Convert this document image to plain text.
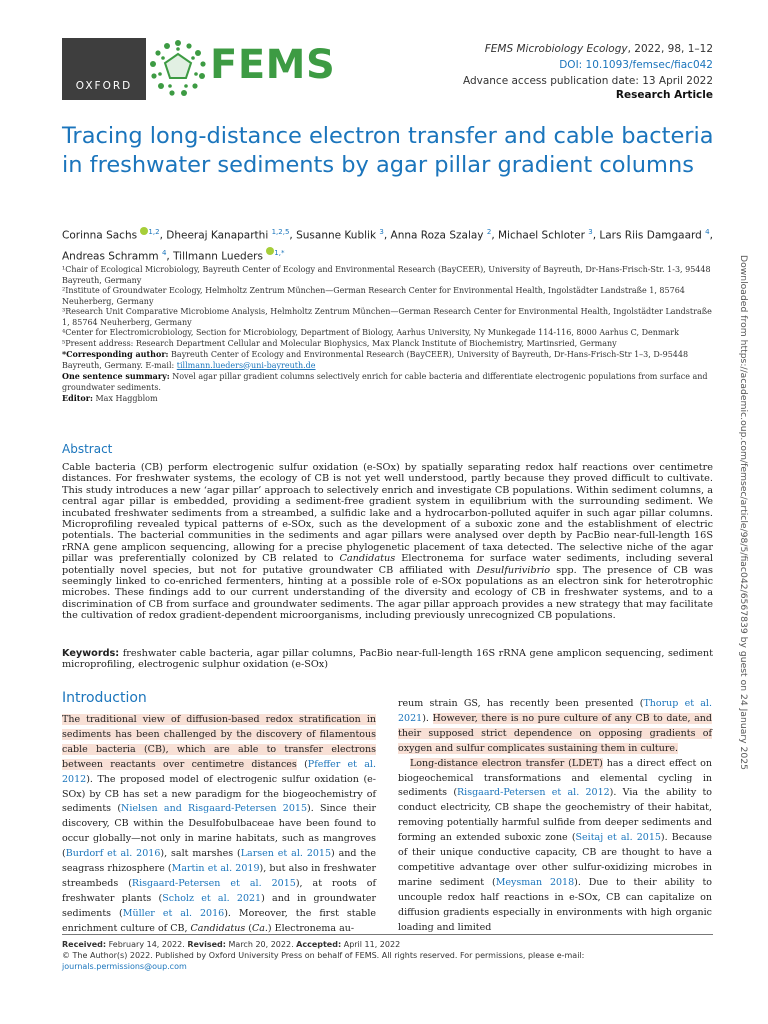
OXFORD	FEMS	FEMS Microbiology Ecology, 2022, 98, 1–12
DOI: 10.1093/femsec/fiac042
Advance access publication date: 13 April 2022
Research Article
Tracing long-distance electron transfer and cable bacteria in freshwater sediments by agar pillar gradient columns
Corinna Sachs $^{1,2}$, Dheeraj Kanaparthi $^{1,2,5}$, Susanne Kublik $^3$, Anna Roza Szalay $^2$, Michael Schloter $^3$, Lars Riis Damgaard $^4$, Andreas Schramm $^4$, Tillmann Lueders $^{1,*}$

¹Chair of Ecological Microbiology, Bayreuth Center of Ecology and Environmental Research (BayCEER), University of Bayreuth, Dr-Hans-Frisch-Str. 1-3, 95448 Bayreuth, Germany

²Institute of Groundwater Ecology, Helmholtz Zentrum München—German Research Center for Environmental Health, Ingolstädter Landstraße 1, 85764 Neuherberg, Germany

³Research Unit Comparative Microbiome Analysis, Helmholtz Zentrum München—German Research Center for Environmental Health, Ingolstädter Landstraße 1, 85764 Neuherberg, Germany

⁴Center for Electromicrobiology, Section for Microbiology, Department of Biology, Aarhus University, Ny Munkegade 114-116, 8000 Aarhus C, Denmark

⁵Present address: Research Department Cellular and Molecular Biophysics, Max Planck Institute of Biochemistry, Martinsried, Germany

*Corresponding author: Bayreuth Center of Ecology and Environmental Research (BayCEER), University of Bayreuth, Dr-Hans-Frisch-Str 1–3, D-95448 Bayreuth, Germany. E-mail: tillmann.lueders@uni-bayreuth.de

One sentence summary: Novel agar pillar gradient columns selectively enrich for cable bacteria and differentiate electrogenic populations from surface and groundwater sediments.

Editor: Max Haggblom

Abstract
Cable bacteria (CB) perform electrogenic sulfur oxidation (e-SOx) by spatially separating redox half reactions over centimetre distances. For freshwater systems, the ecology of CB is not yet well understood, partly because they proved difficult to cultivate. This study introduces a new ‘agar pillar’ approach to selectively enrich and investigate CB populations. Within sediment columns, a central agar pillar is embedded, providing a sediment-free gradient system in equilibrium with the surrounding sediment. We incubated freshwater sediments from a streambed, a sulfidic lake and a hydrocarbon-polluted aquifer in such agar pillar columns. Microprofiling revealed typical patterns of e-SOx, such as the development of a suboxic zone and the establishment of electric potentials. The bacterial communities in the sediments and agar pillars were analysed over depth by PacBio near-full-length 16S rRNA gene amplicon sequencing, allowing for a precise phylogenetic placement of taxa detected. The selective niche of the agar pillar was preferentially colonized by CB related to Candidatus Electronema for surface water sediments, including several potentially novel species, but not for putative groundwater CB affiliated with Desulfurivibrio spp. The presence of CB was seemingly linked to co-enriched fermenters, hinting at a possible role of e-SOx populations as an electron sink for heterotrophic microbes. These findings add to our current understanding of the diversity and ecology of CB in freshwater systems, and to a discrimination of CB from surface and groundwater sediments. The agar pillar approach provides a new strategy that may facilitate the cultivation of redox gradient-dependent microorganisms, including previously unrecognized CB populations.
Keywords: freshwater cable bacteria, agar pillar columns, PacBio near-full-length 16S rRNA gene amplicon sequencing, sediment microprofiling, electrogenic sulphur oxidation (e-SOx)
Introduction

The traditional view of diffusion-based redox stratification in sediments has been challenged by the discovery of filamentous cable bacteria (CB), which are able to transfer electrons between reactants over centimetre distances (Pfeffer et al. 2012). The proposed model of electrogenic sulfur oxidation (e-SOx) by CB has set a new paradigm for the biogeochemistry of sediments (Nielsen and Risgaard-Petersen 2015). Since their discovery, CB within the Desulfobulbaceae have been found to occur globally—not only in marine habitats, such as mangroves (Burdorf et al. 2016), salt marshes (Larsen et al. 2015) and the seagrass rhizosphere (Martin et al. 2019), but also in freshwater streambeds (Risgaard-Petersen et al. 2015), at roots of freshwater plants (Scholz et al. 2021) and in groundwater sediments (Müller et al. 2016). Moreover, the first stable enrichment culture of CB, Candidatus (Ca.) Electronema au-

reum strain GS, has recently been presented (Thorup et al. 2021). However, there is no pure culture of any CB to date, and their supposed strict dependence on opposing gradients of oxygen and sulfur complicates sustaining them in culture.

Long-distance electron transfer (LDET) has a direct effect on biogeochemical transformations and elemental cycling in sediments (Risgaard-Petersen et al. 2012). Via the ability to conduct electricity, CB shape the geochemistry of their habitat, removing potentially harmful sulfide from deeper sediments and forming an extended suboxic zone (Seitaj et al. 2015). Because of their unique conductive capacity, CB are thought to have a competitive advantage over other sulfur-oxidizing microbes in marine sediment (Meysman 2018). Due to their ability to uncouple redox half reactions in e-SOx, CB can capitalize on diffusion gradients especially in environments with high organic loading and limited

Received: February 14, 2022. Revised: March 20, 2022. Accepted: April 11, 2022
© The Author(s) 2022. Published by Oxford University Press on behalf of FEMS. All rights reserved. For permissions, please e-mail:
journals.permissions@oup.com
Downloaded from https://academic.oup.com/femsec/article/98/5/fiac042/6567839 by guest on 24 January 2025
